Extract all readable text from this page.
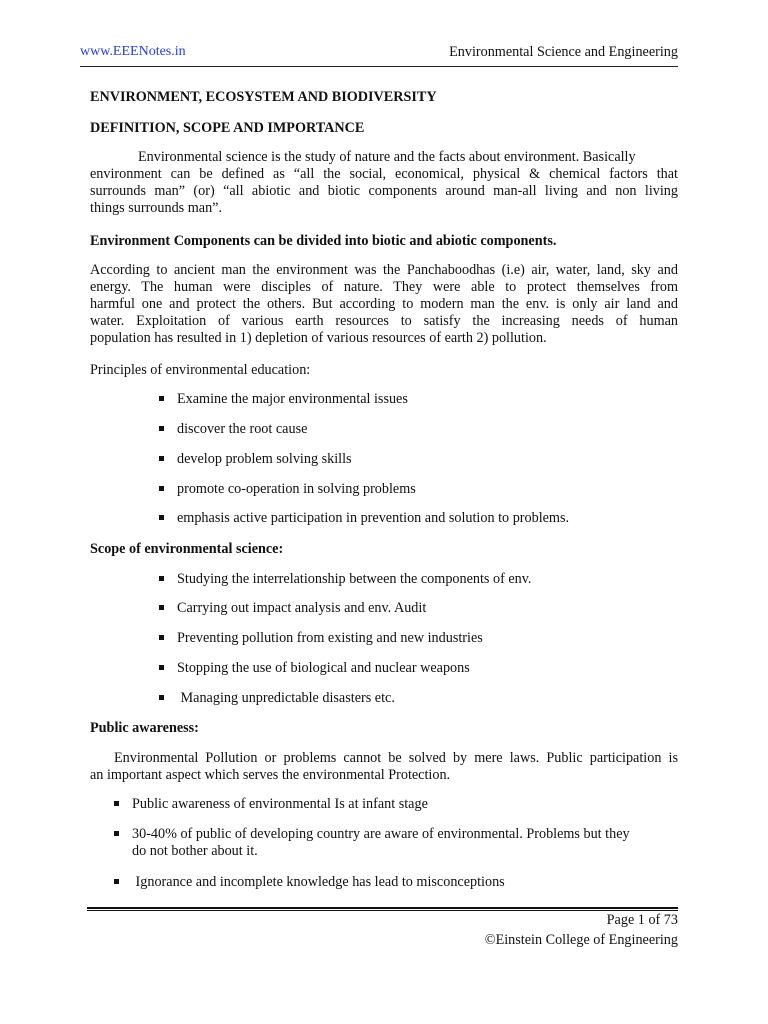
www.EEENotes.in	Environmental Science and Engineering
ENVIRONMENT, ECOSYSTEM AND BIODIVERSITY
DEFINITION, SCOPE AND IMPORTANCE
Environmental science is the study of nature and the facts about environment. Basically
environment can be defined as “all the social, economical, physical & chemical factors that
surrounds man” (or) “all abiotic and biotic components around man-all living and non living
things surrounds man”.
Environment Components can be divided into biotic and abiotic components.
According to ancient man the environment was the Panchaboodhas (i.e) air, water, land, sky and
energy. The human were disciples of nature. They were able to protect themselves from
harmful one and protect the others. But according to modern man the env. is only air land and
water. Exploitation of various earth resources to satisfy the increasing needs of human
population has resulted in 1) depletion of various resources of earth 2) pollution.
Principles of environmental education:
Examine the major environmental issues
discover the root cause
develop problem solving skills
promote co-operation in solving problems
emphasis active participation in prevention and solution to problems.
Scope of environmental science:
Studying the interrelationship between the components of env.
Carrying out impact analysis and env. Audit
Preventing pollution from existing and new industries
Stopping the use of biological and nuclear weapons
Managing unpredictable disasters etc.
Public awareness:
Environmental Pollution or problems cannot be solved by mere laws. Public participation is
an important aspect which serves the environmental Protection.
Public awareness of environmental Is at infant stage
30-40% of public of developing country are aware of environmental. Problems but they
do not bother about it.
Ignorance and incomplete knowledge has lead to misconceptions
Page 1 of 73
©Einstein College of Engineering
